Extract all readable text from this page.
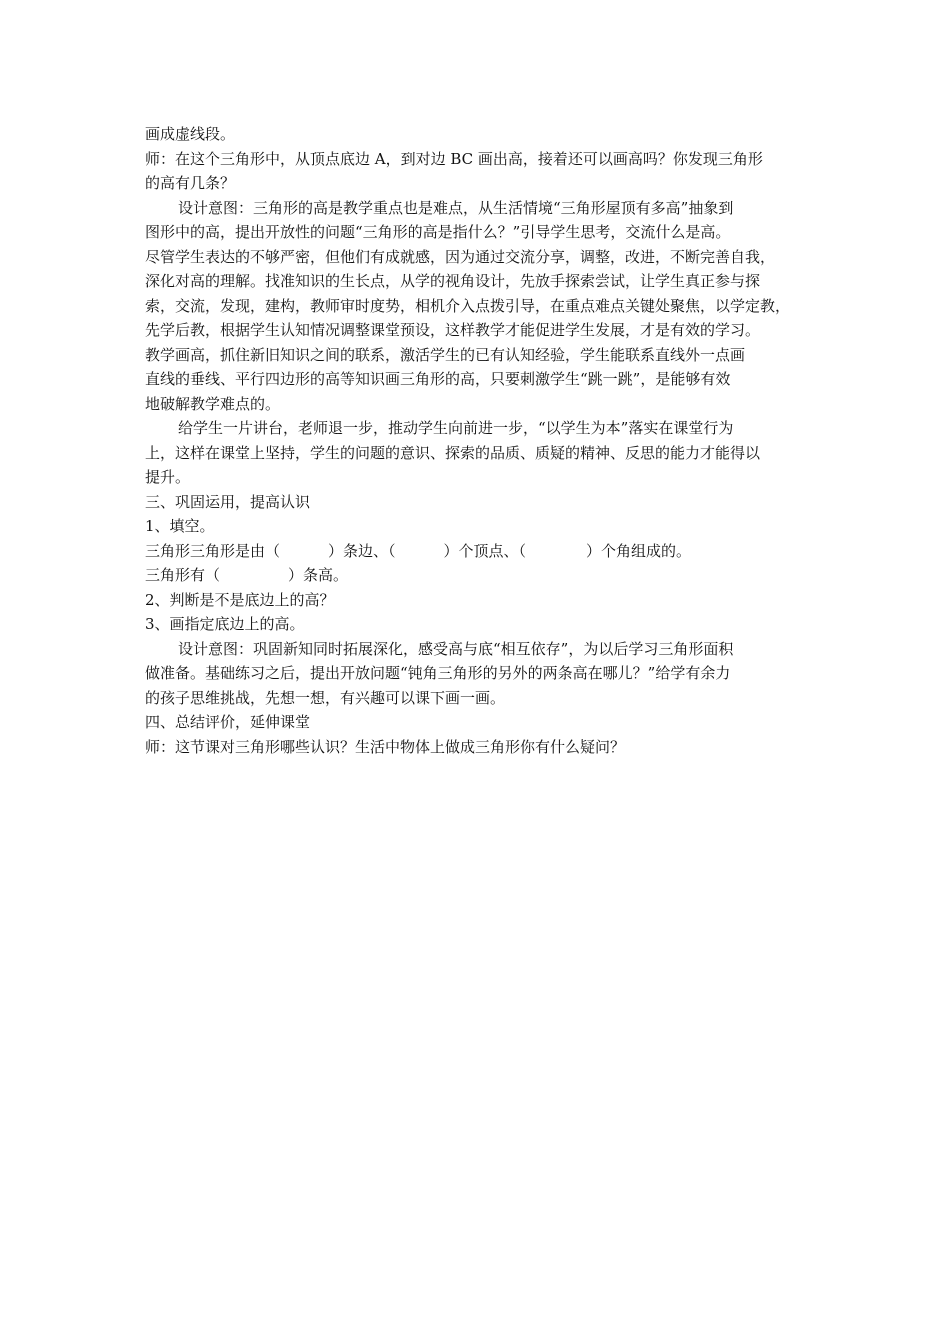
画成虚线段。
师：在这个三角形中，从顶点底边 A，到对边 BC 画出高，接着还可以画高吗？你发现三角形
的高有几条？
设计意图：三角形的高是教学重点也是难点，从生活情境“三角形屋顶有多高”抽象到
图形中的高，提出开放性的问题“三角形的高是指什么？”引导学生思考，交流什么是高。
尽管学生表达的不够严密，但他们有成就感，因为通过交流分享，调整，改进，不断完善自我，
深化对高的理解。找准知识的生长点，从学的视角设计，先放手探索尝试，让学生真正参与探
索，交流，发现，建构，教师审时度势，相机介入点拨引导，在重点难点关键处聚焦，以学定教，
先学后教，根据学生认知情况调整课堂预设，这样教学才能促进学生发展，才是有效的学习。
教学画高，抓住新旧知识之间的联系，激活学生的已有认知经验，学生能联系直线外一点画
直线的垂线、平行四边形的高等知识画三角形的高，只要刺激学生“跳一跳”，是能够有效
地破解教学难点的。
给学生一片讲台，老师退一步，推动学生向前进一步，“以学生为本”落实在课堂行为
上，这样在课堂上坚持，学生的问题的意识、探索的品质、质疑的精神、反思的能力才能得以
提升。
三、巩固运用，提高认识
1、填空。
三角形三角形是由（	）条边、（	）个顶点、（	）个角组成的。
三角形有（	）条高。
2、判断是不是底边上的高？
3、画指定底边上的高。
设计意图：巩固新知同时拓展深化，感受高与底“相互依存”，为以后学习三角形面积
做准备。基础练习之后，提出开放问题“钝角三角形的另外的两条高在哪儿？”给学有余力
的孩子思维挑战，先想一想，有兴趣可以课下画一画。
四、总结评价，延伸课堂
师：这节课对三角形哪些认识？生活中物体上做成三角形你有什么疑问？
